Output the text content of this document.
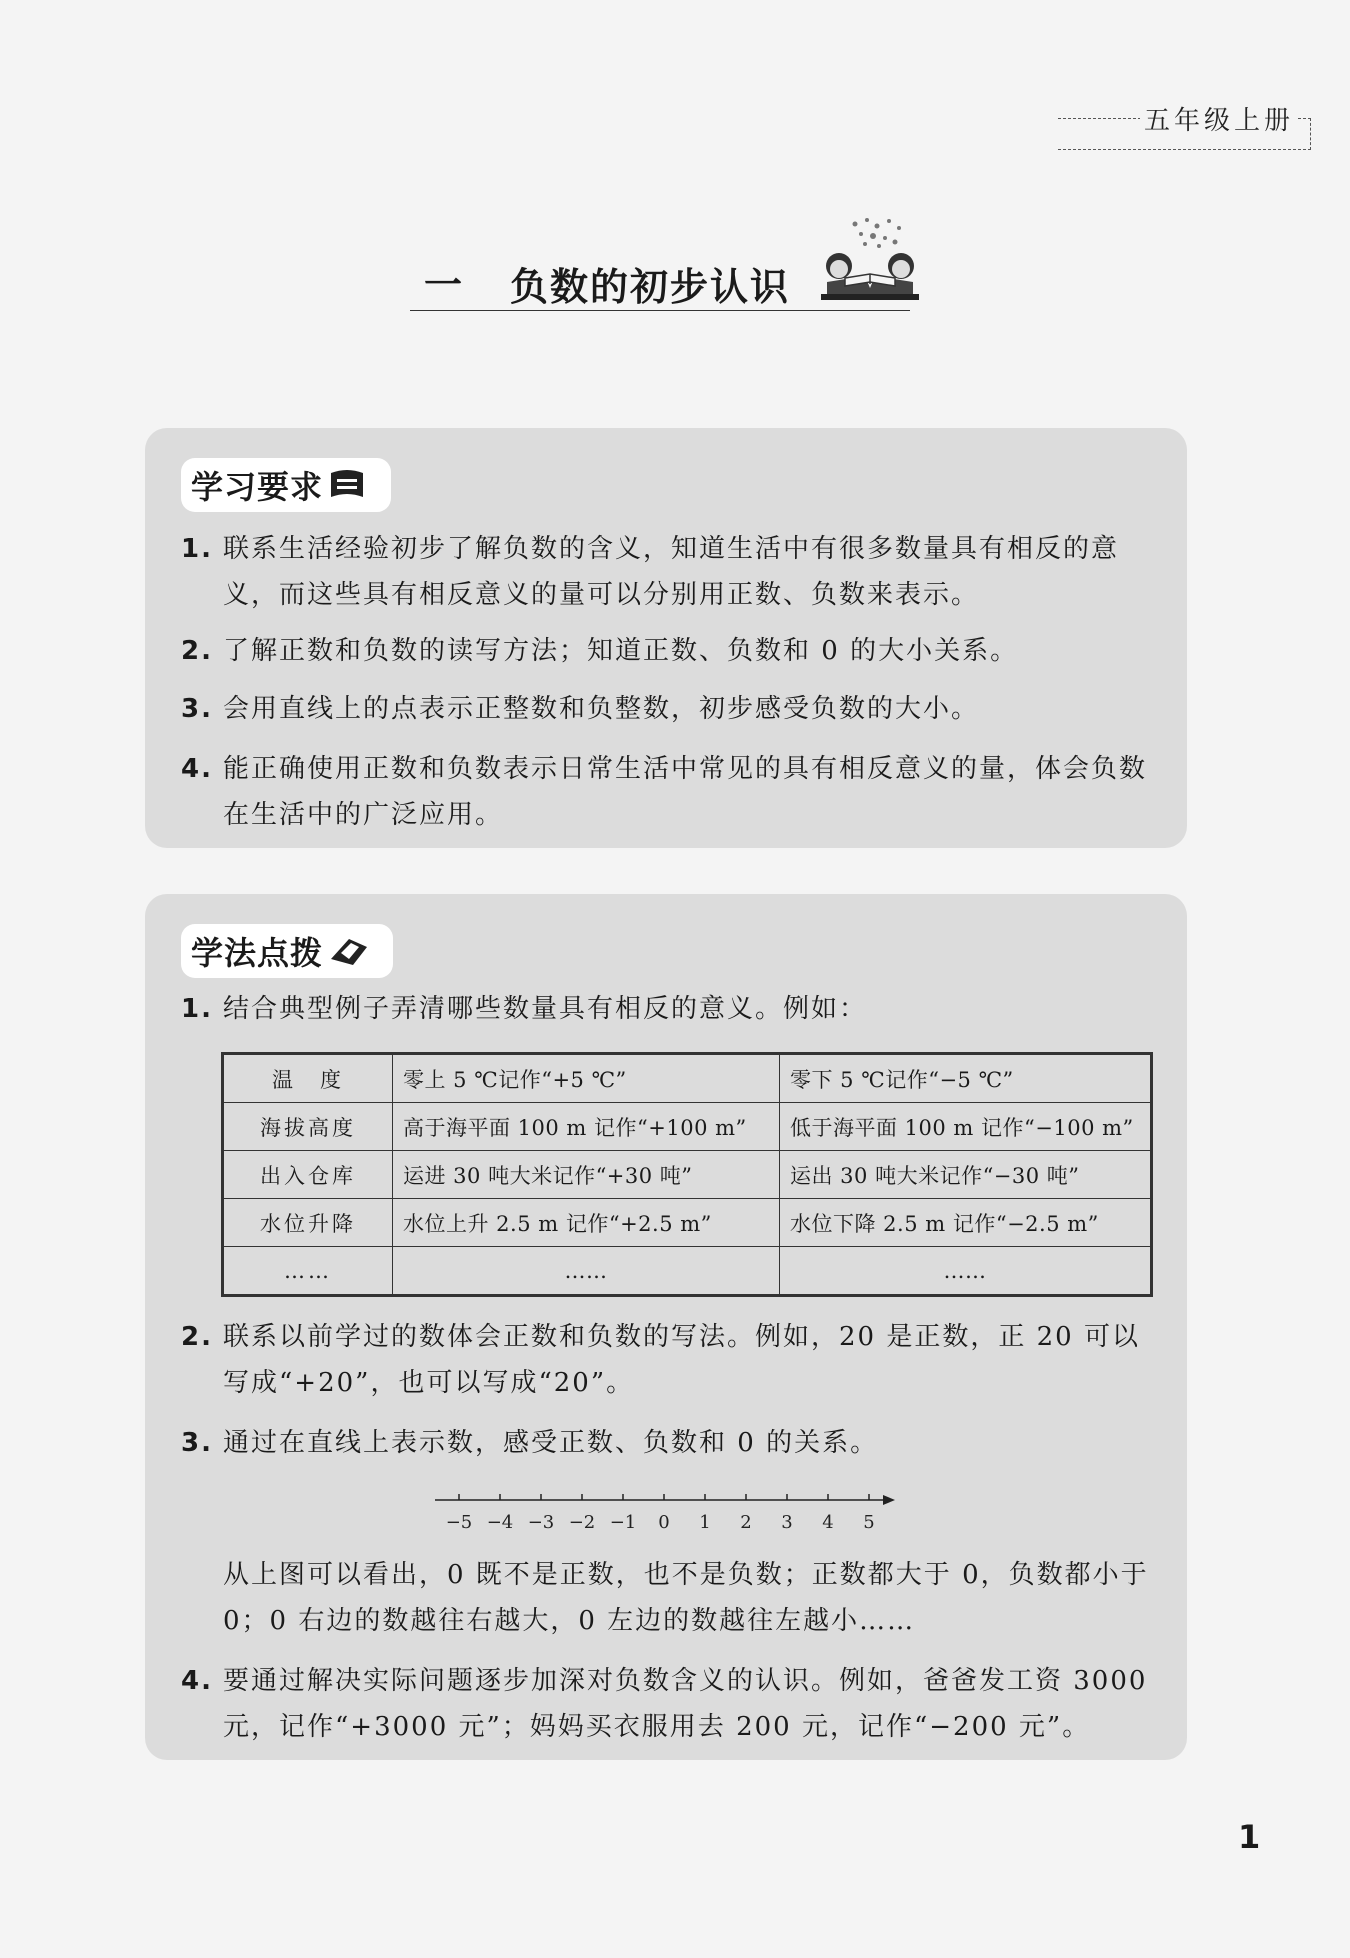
五年级上册
一 负数的初步认识
学习要求
1. 联系生活经验初步了解负数的含义，知道生活中有很多数量具有相反的意义，而这些具有相反意义的量可以分别用正数、负数来表示。
2. 了解正数和负数的读写方法；知道正数、负数和 0 的大小关系。
3. 会用直线上的点表示正整数和负整数，初步感受负数的大小。
4. 能正确使用正数和负数表示日常生活中常见的具有相反意义的量，体会负数在生活中的广泛应用。
学法点拨
1. 结合典型例子弄清哪些数量具有相反的意义。例如：
温　度	零上 5 ℃记作“+5 ℃”	零下 5 ℃记作“−5 ℃”
海拔高度	高于海平面 100 m 记作“+100 m”	低于海平面 100 m 记作“−100 m”
出入仓库	运进 30 吨大米记作“+30 吨”	运出 30 吨大米记作“−30 吨”
水位升降	水位上升 2.5 m 记作“+2.5 m”	水位下降 2.5 m 记作“−2.5 m”
……	……	……
2. 联系以前学过的数体会正数和负数的写法。例如，20 是正数，正 20 可以写成“+20”，也可以写成“20”。
3. 通过在直线上表示数，感受正数、负数和 0 的关系。
−5 −4 −3 −2 −1 0 1 2 3 4 5
从上图可以看出，0 既不是正数，也不是负数；正数都大于 0，负数都小于 0；0 右边的数越往右越大，0 左边的数越往左越小……
4. 要通过解决实际问题逐步加深对负数含义的认识。例如，爸爸发工资 3000 元，记作“+3000 元”；妈妈买衣服用去 200 元，记作“−200 元”。
1
